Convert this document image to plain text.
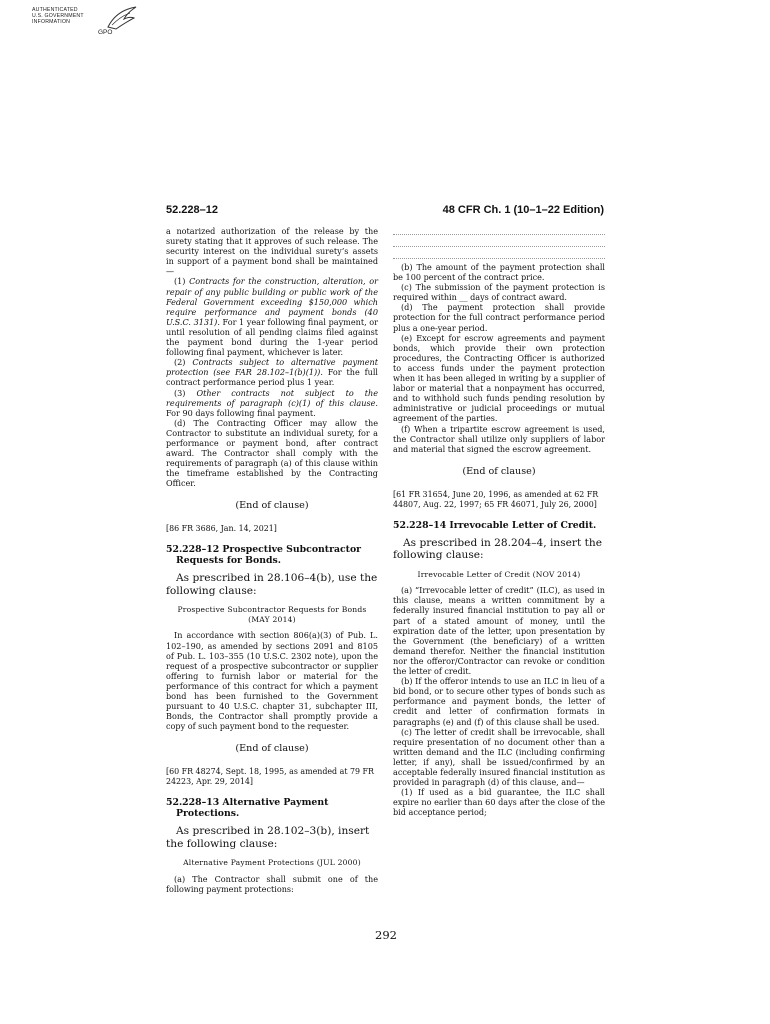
AUTHENTICATED
U.S. GOVERNMENT
INFORMATION
GPO
52.228–12	48 CFR Ch. 1 (10–1–22 Edition)

a notarized authorization of the release by the surety stating that it approves of such release. The security interest on the individual surety’s assets in support of a payment bond shall be maintained—

(1) Contracts for the construction, alteration, or repair of any public building or public work of the Federal Government exceeding $150,000 which require performance and payment bonds (40 U.S.C. 3131). For 1 year following final payment, or until resolution of all pending claims filed against the payment bond during the 1-year period following final payment, whichever is later.

(2) Contracts subject to alternative payment protection (see FAR 28.102–1(b)(1)). For the full contract performance period plus 1 year.

(3) Other contracts not subject to the requirements of paragraph (c)(1) of this clause. For 90 days following final payment.

(d) The Contracting Officer may allow the Contractor to substitute an individual surety, for a performance or payment bond, after contract award. The Contractor shall comply with the requirements of paragraph (a) of this clause within the timeframe established by the Contracting Officer.

(End of clause)

[86 FR 3686, Jan. 14, 2021]

52.228–12 Prospective Subcontractor Requests for Bonds.

As prescribed in 28.106–4(b), use the following clause:

Prospective Subcontractor Requests for Bonds (MAY 2014)

In accordance with section 806(a)(3) of Pub. L. 102–190, as amended by sections 2091 and 8105 of Pub. L. 103–355 (10 U.S.C. 2302 note), upon the request of a prospective subcontractor or supplier offering to furnish labor or material for the performance of this contract for which a payment bond has been furnished to the Government pursuant to 40 U.S.C. chapter 31, subchapter III, Bonds, the Contractor shall promptly provide a copy of such payment bond to the requester.

(End of clause)

[60 FR 48274, Sept. 18, 1995, as amended at 79 FR 24223, Apr. 29, 2014]

52.228–13 Alternative Payment Protections.

As prescribed in 28.102–3(b), insert the following clause:

Alternative Payment Protections (JUL 2000)

(a) The Contractor shall submit one of the following payment protections:

(b) The amount of the payment protection shall be 100 percent of the contract price.

(c) The submission of the payment protection is required within __ days of contract award.

(d) The payment protection shall provide protection for the full contract performance period plus a one-year period.

(e) Except for escrow agreements and payment bonds, which provide their own protection procedures, the Contracting Officer is authorized to access funds under the payment protection when it has been alleged in writing by a supplier of labor or material that a nonpayment has occurred, and to withhold such funds pending resolution by administrative or judicial proceedings or mutual agreement of the parties.

(f) When a tripartite escrow agreement is used, the Contractor shall utilize only suppliers of labor and material that signed the escrow agreement.

(End of clause)

[61 FR 31654, June 20, 1996, as amended at 62 FR 44807, Aug. 22, 1997; 65 FR 46071, July 26, 2000]

52.228–14 Irrevocable Letter of Credit.

As prescribed in 28.204–4, insert the following clause:

Irrevocable Letter of Credit (NOV 2014)

(a) “Irrevocable letter of credit” (ILC), as used in this clause, means a written commitment by a federally insured financial institution to pay all or part of a stated amount of money, until the expiration date of the letter, upon presentation by the Government (the beneficiary) of a written demand therefor. Neither the financial institution nor the offeror/Contractor can revoke or condition the letter of credit.

(b) If the offeror intends to use an ILC in lieu of a bid bond, or to secure other types of bonds such as performance and payment bonds, the letter of credit and letter of confirmation formats in paragraphs (e) and (f) of this clause shall be used.

(c) The letter of credit shall be irrevocable, shall require presentation of no document other than a written demand and the ILC (including confirming letter, if any), shall be issued/confirmed by an acceptable federally insured financial institution as provided in paragraph (d) of this clause, and—

(1) If used as a bid guarantee, the ILC shall expire no earlier than 60 days after the close of the bid acceptance period;

292
